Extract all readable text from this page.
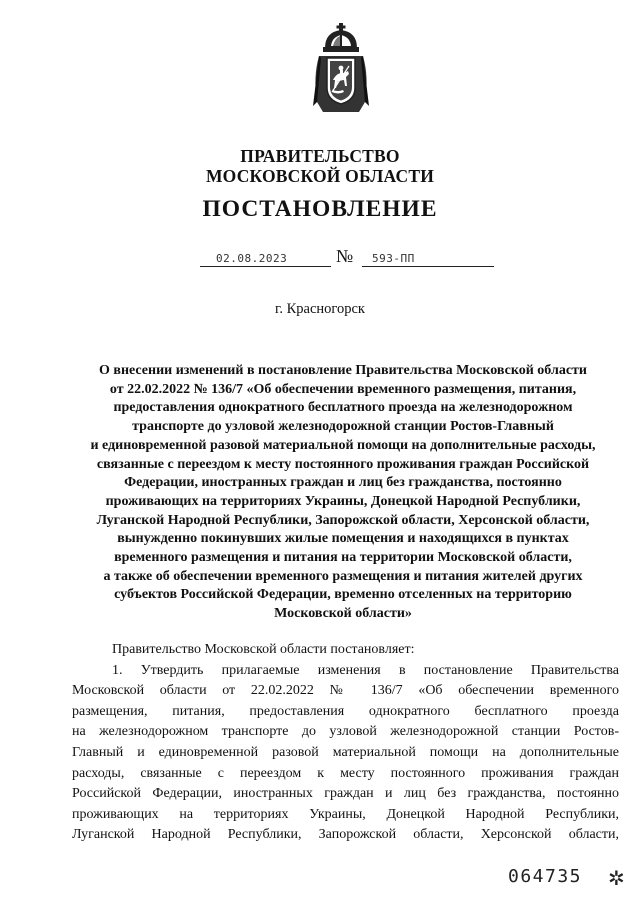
ПРАВИТЕЛЬСТВО
МОСКОВСКОЙ ОБЛАСТИ
ПОСТАНОВЛЕНИЕ
02.08.2023	№ 593-ПП
г. Красногорск
О внесении изменений в постановление Правительства Московской области
от 22.02.2022 № 136/7 «Об обеспечении временного размещения, питания,
предоставления однократного бесплатного проезда на железнодорожном
транспорте до узловой железнодорожной станции Ростов-Главный
и единовременной разовой материальной помощи на дополнительные расходы,
связанные с переездом к месту постоянного проживания граждан Российской
Федерации, иностранных граждан и лиц без гражданства, постоянно
проживающих на территориях Украины, Донецкой Народной Республики,
Луганской Народной Республики, Запорожской области, Херсонской области,
вынужденно покинувших жилые помещения и находящихся в пунктах
временного размещения и питания на территории Московской области,
а также об обеспечении временного размещения и питания жителей других
субъектов Российской Федерации, временно отселенных на территорию
Московской области»
Правительство Московской области постановляет:
1. Утвердить прилагаемые изменения в постановление Правительства
Московской области от 22.02.2022 № 136/7 «Об обеспечении временного
размещения, питания, предоставления однократного бесплатного проезда
на железнодорожном транспорте до узловой железнодорожной станции Ростов-
Главный и единовременной разовой материальной помощи на дополнительные
расходы, связанные с переездом к месту постоянного проживания граждан
Российской Федерации, иностранных граждан и лиц без гражданства, постоянно
проживающих на территориях Украины, Донецкой Народной Республики,
Луганской Народной Республики, Запорожской области, Херсонской области,
064735 ✲
